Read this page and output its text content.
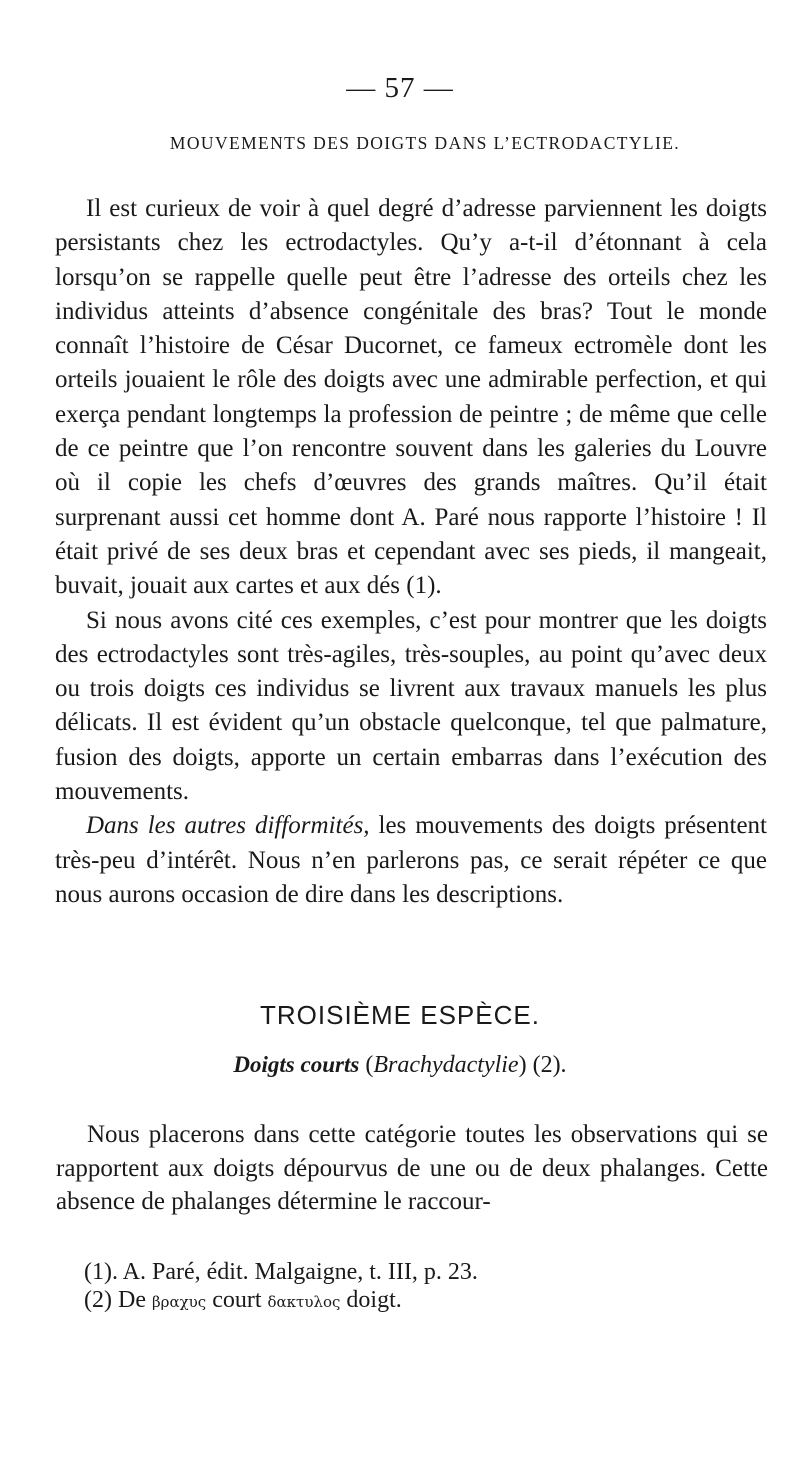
— 57 —
MOUVEMENTS DES DOIGTS DANS L’ECTRODACTYLIE.

Il est curieux de voir à quel degré d’adresse parviennent les doigts persistants chez les ectrodactyles. Qu’y a-t-il d’étonnant à cela lorsqu’on se rappelle quelle peut être l’adresse des orteils chez les individus atteints d’absence congénitale des bras? Tout le monde connaît l’histoire de César Ducornet, ce fameux ectromèle dont les orteils jouaient le rôle des doigts avec une admirable perfection, et qui exerça pendant longtemps la profession de peintre ; de même que celle de ce peintre que l’on rencontre souvent dans les galeries du Louvre où il copie les chefs d’œuvres des grands maîtres. Qu’il était surprenant aussi cet homme dont A. Paré nous rapporte l’histoire ! Il était privé de ses deux bras et cependant avec ses pieds, il mangeait, buvait, jouait aux cartes et aux dés (1).

Si nous avons cité ces exemples, c’est pour montrer que les doigts des ectrodactyles sont très-agiles, très-souples, au point qu’avec deux ou trois doigts ces individus se livrent aux travaux manuels les plus délicats. Il est évident qu’un obstacle quelconque, tel que palmature, fusion des doigts, apporte un certain embarras dans l’exécution des mouvements.

Dans les autres difformités, les mouvements des doigts présentent très-peu d’intérêt. Nous n’en parlerons pas, ce serait répéter ce que nous aurons occasion de dire dans les descriptions.

TROISIÈME ESPÈCE.
Doigts courts (Brachydactylie) (2).

Nous placerons dans cette catégorie toutes les observations qui se rapportent aux doigts dépourvus de une ou de deux phalanges. Cette absence de phalanges détermine le raccour-

(1). A. Paré, édit. Malgaigne, t. III, p. 23.
(2) De βραχυς court δακτυλος doigt.
